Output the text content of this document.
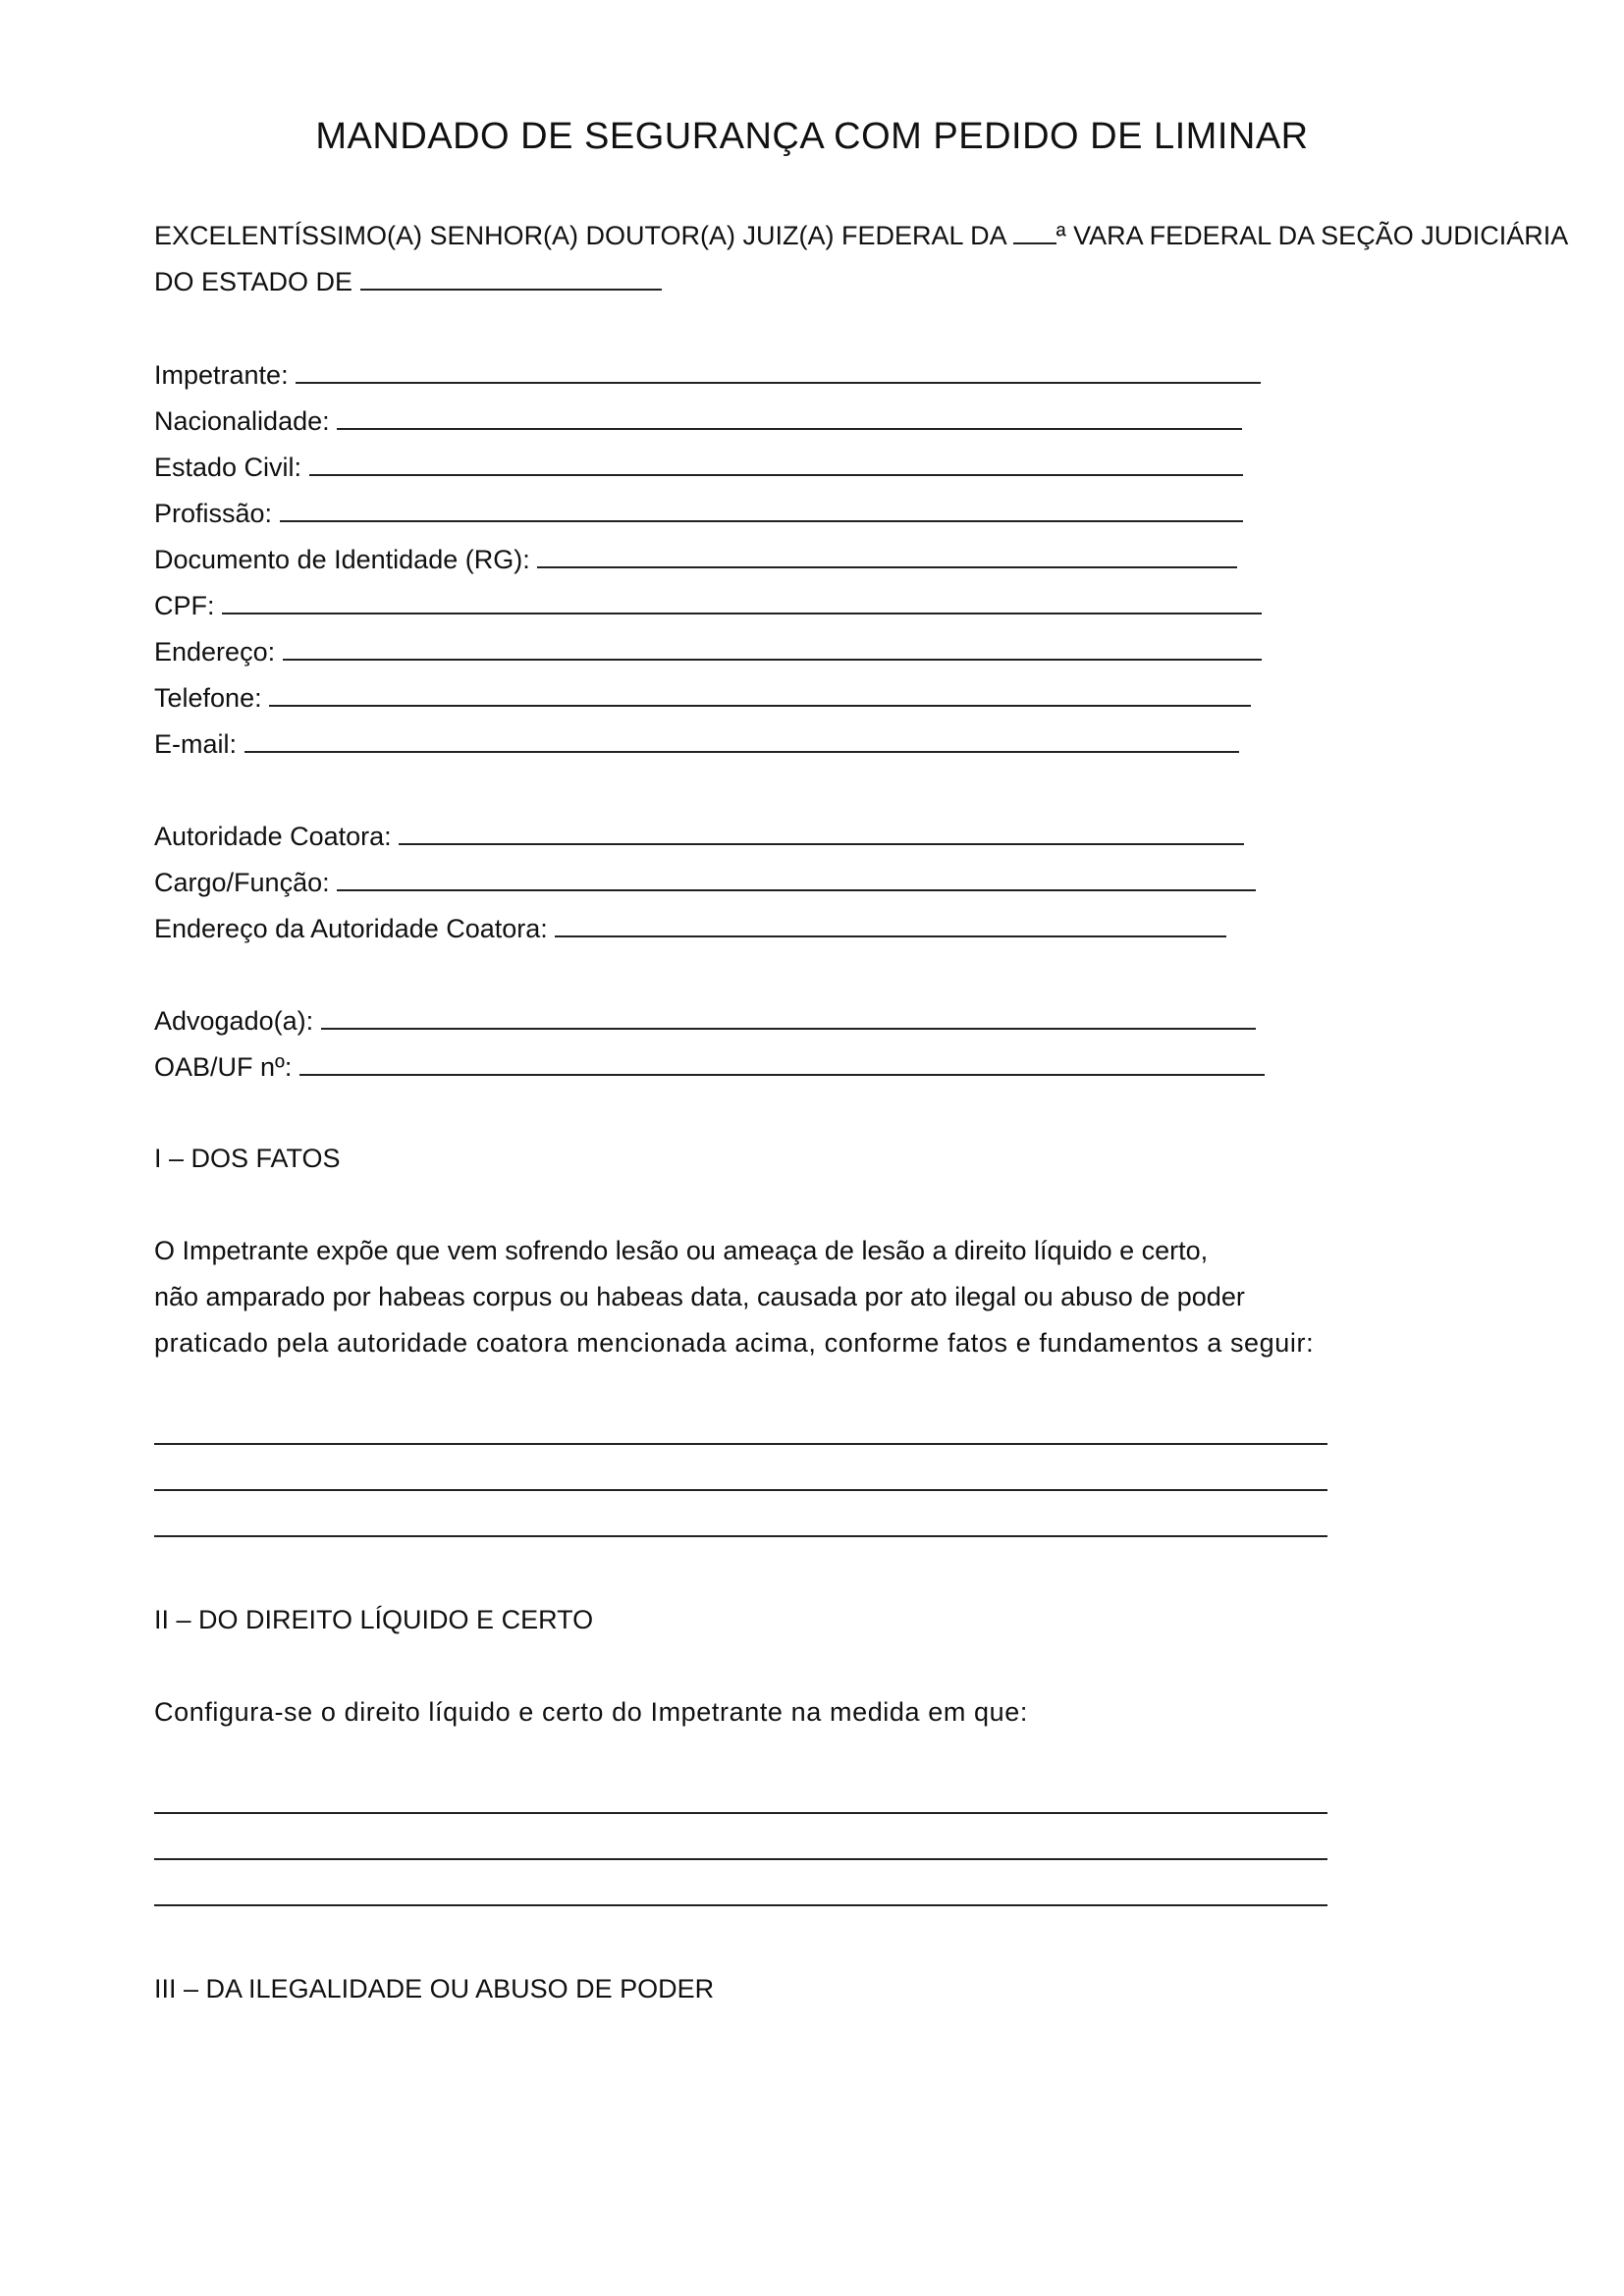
MANDADO DE SEGURANÇA COM PEDIDO DE LIMINAR
EXCELENTÍSSIMO(A) SENHOR(A) DOUTOR(A) JUIZ(A) FEDERAL DA ª VARA FEDERAL DA SEÇÃO JUDICIÁRIA
DO ESTADO DE
Impetrante:
Nacionalidade:
Estado Civil:
Profissão:
Documento de Identidade (RG):
CPF:
Endereço:
Telefone:
E-mail:
Autoridade Coatora:
Cargo/Função:
Endereço da Autoridade Coatora:
Advogado(a):
OAB/UF nº:
I – DOS FATOS
O Impetrante expõe que vem sofrendo lesão ou ameaça de lesão a direito líquido e certo,
não amparado por habeas corpus ou habeas data, causada por ato ilegal ou abuso de poder
praticado pela autoridade coatora mencionada acima, conforme fatos e fundamentos a seguir:
II – DO DIREITO LÍQUIDO E CERTO
Configura-se o direito líquido e certo do Impetrante na medida em que:
III – DA ILEGALIDADE OU ABUSO DE PODER
